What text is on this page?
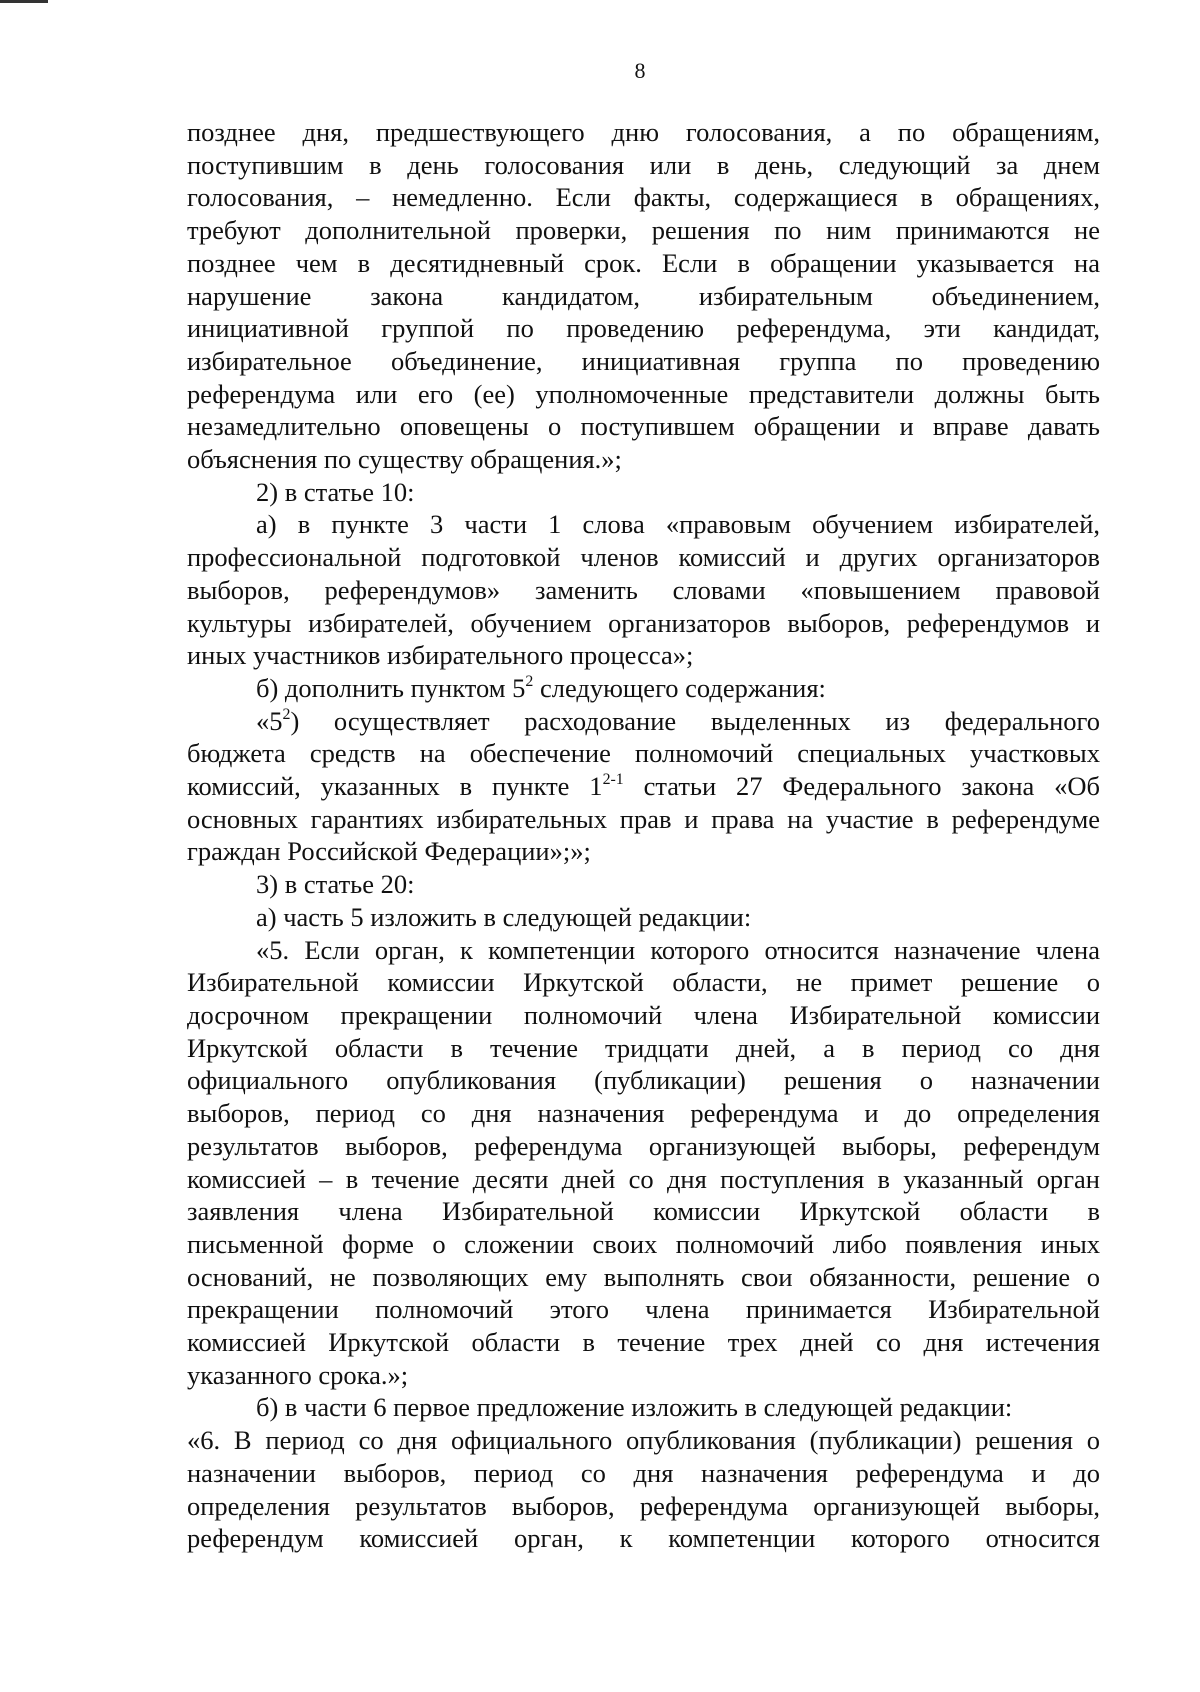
8

позднее дня, предшествующего дню голосования, а по обращениям,

поступившим в день голосования или в день, следующий за днем

голосования, – немедленно. Если факты, содержащиеся в обращениях,

требуют дополнительной проверки, решения по ним принимаются не

позднее чем в десятидневный срок. Если в обращении указывается на

нарушение закона кандидатом, избирательным объединением,

инициативной группой по проведению референдума, эти кандидат,

избирательное объединение, инициативная группа по проведению

референдума или его (ее) уполномоченные представители должны быть

незамедлительно оповещены о поступившем обращении и вправе давать

объяснения по существу обращения.»;

2) в статье 10:

а) в пункте 3 части 1 слова «правовым обучением избирателей,

профессиональной подготовкой членов комиссий и других организаторов

выборов, референдумов» заменить словами «повышением правовой

культуры избирателей, обучением организаторов выборов, референдумов и

иных участников избирательного процесса»;

б) дополнить пунктом $5^2$ следующего содержания:

«$5^2$) осуществляет расходование выделенных из федерального

бюджета средств на обеспечение полномочий специальных участковых

комиссий, указанных в пункте 1$^{2-1}$ статьи 27 Федерального закона «Об

основных гарантиях избирательных прав и права на участие в референдуме

граждан Российской Федерации»;»;

3) в статье 20:

а) часть 5 изложить в следующей редакции:

«5. Если орган, к компетенции которого относится назначение члена

Избирательной комиссии Иркутской области, не примет решение о

досрочном прекращении полномочий члена Избирательной комиссии

Иркутской области в течение тридцати дней, а в период со дня

официального опубликования (публикации) решения о назначении

выборов, период со дня назначения референдума и до определения

результатов выборов, референдума организующей выборы, референдум

комиссией – в течение десяти дней со дня поступления в указанный орган

заявления члена Избирательной комиссии Иркутской области в

письменной форме о сложении своих полномочий либо появления иных

оснований, не позволяющих ему выполнять свои обязанности, решение о

прекращении полномочий этого члена принимается Избирательной

комиссией Иркутской области в течение трех дней со дня истечения

указанного срока.»;

б) в части 6 первое предложение изложить в следующей редакции:

«6. В период со дня официального опубликования (публикации) решения о

назначении выборов, период со дня назначения референдума и до

определения результатов выборов, референдума организующей выборы,

референдум комиссией орган, к компетенции которого относится
